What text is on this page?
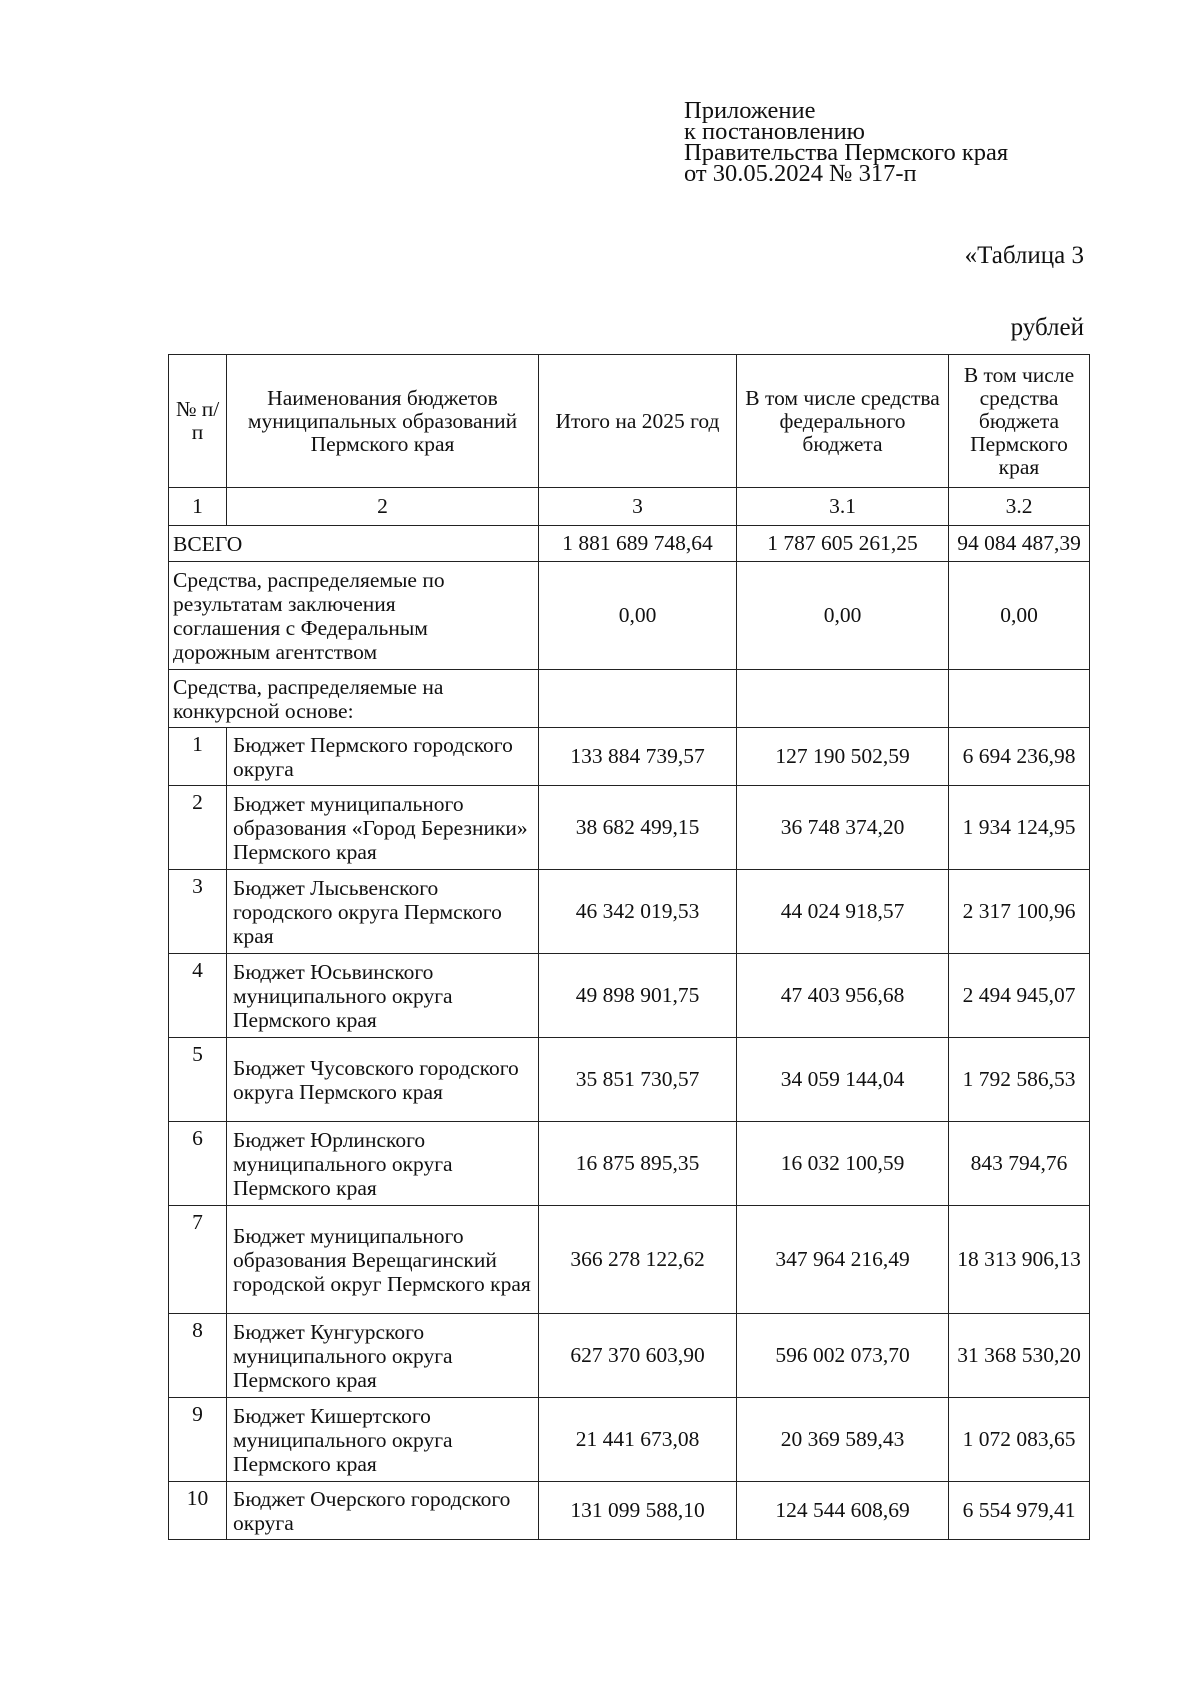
Приложение
к постановлению
Правительства Пермского края
от 30.05.2024 № 317-п
«Таблица 3
рублей
№ п/п	Наименования бюджетов муниципальных образований Пермского края	Итого на 2025 год	В том числе средства федерального бюджета	В том числе средства бюджета Пермского края
1	2	3	3.1	3.2
ВСЕГО		1 881 689 748,64	1 787 605 261,25	94 084 487,39

Средства, распределяемые по результатам заключения соглашения с Федеральным дорожным агентством		0,00	0,00	0,00

Средства, распределяемые на конкурсной основе:				

1	Бюджет Пермского городского округа	133 884 739,57	127 190 502,59	6 694 236,98
2	Бюджет муниципального образования «Город Березники» Пермского края	38 682 499,15	36 748 374,20	1 934 124,95
3	Бюджет Лысьвенского городского округа Пермского края	46 342 019,53	44 024 918,57	2 317 100,96
4	Бюджет Юсьвинского муниципального округа Пермского края	49 898 901,75	47 403 956,68	2 494 945,07
5	Бюджет Чусовского городского округа Пермского края	35 851 730,57	34 059 144,04	1 792 586,53
6	Бюджет Юрлинского муниципального округа Пермского края	16 875 895,35	16 032 100,59	843 794,76
7	Бюджет муниципального образования Верещагинский городской округ Пермского края	366 278 122,62	347 964 216,49	18 313 906,13
8	Бюджет Кунгурского муниципального округа Пермского края	627 370 603,90	596 002 073,70	31 368 530,20
9	Бюджет Кишертского муниципального округа Пермского края	21 441 673,08	20 369 589,43	1 072 083,65
10	Бюджет Очерского городского округа	131 099 588,10	124 544 608,69	6 554 979,41
